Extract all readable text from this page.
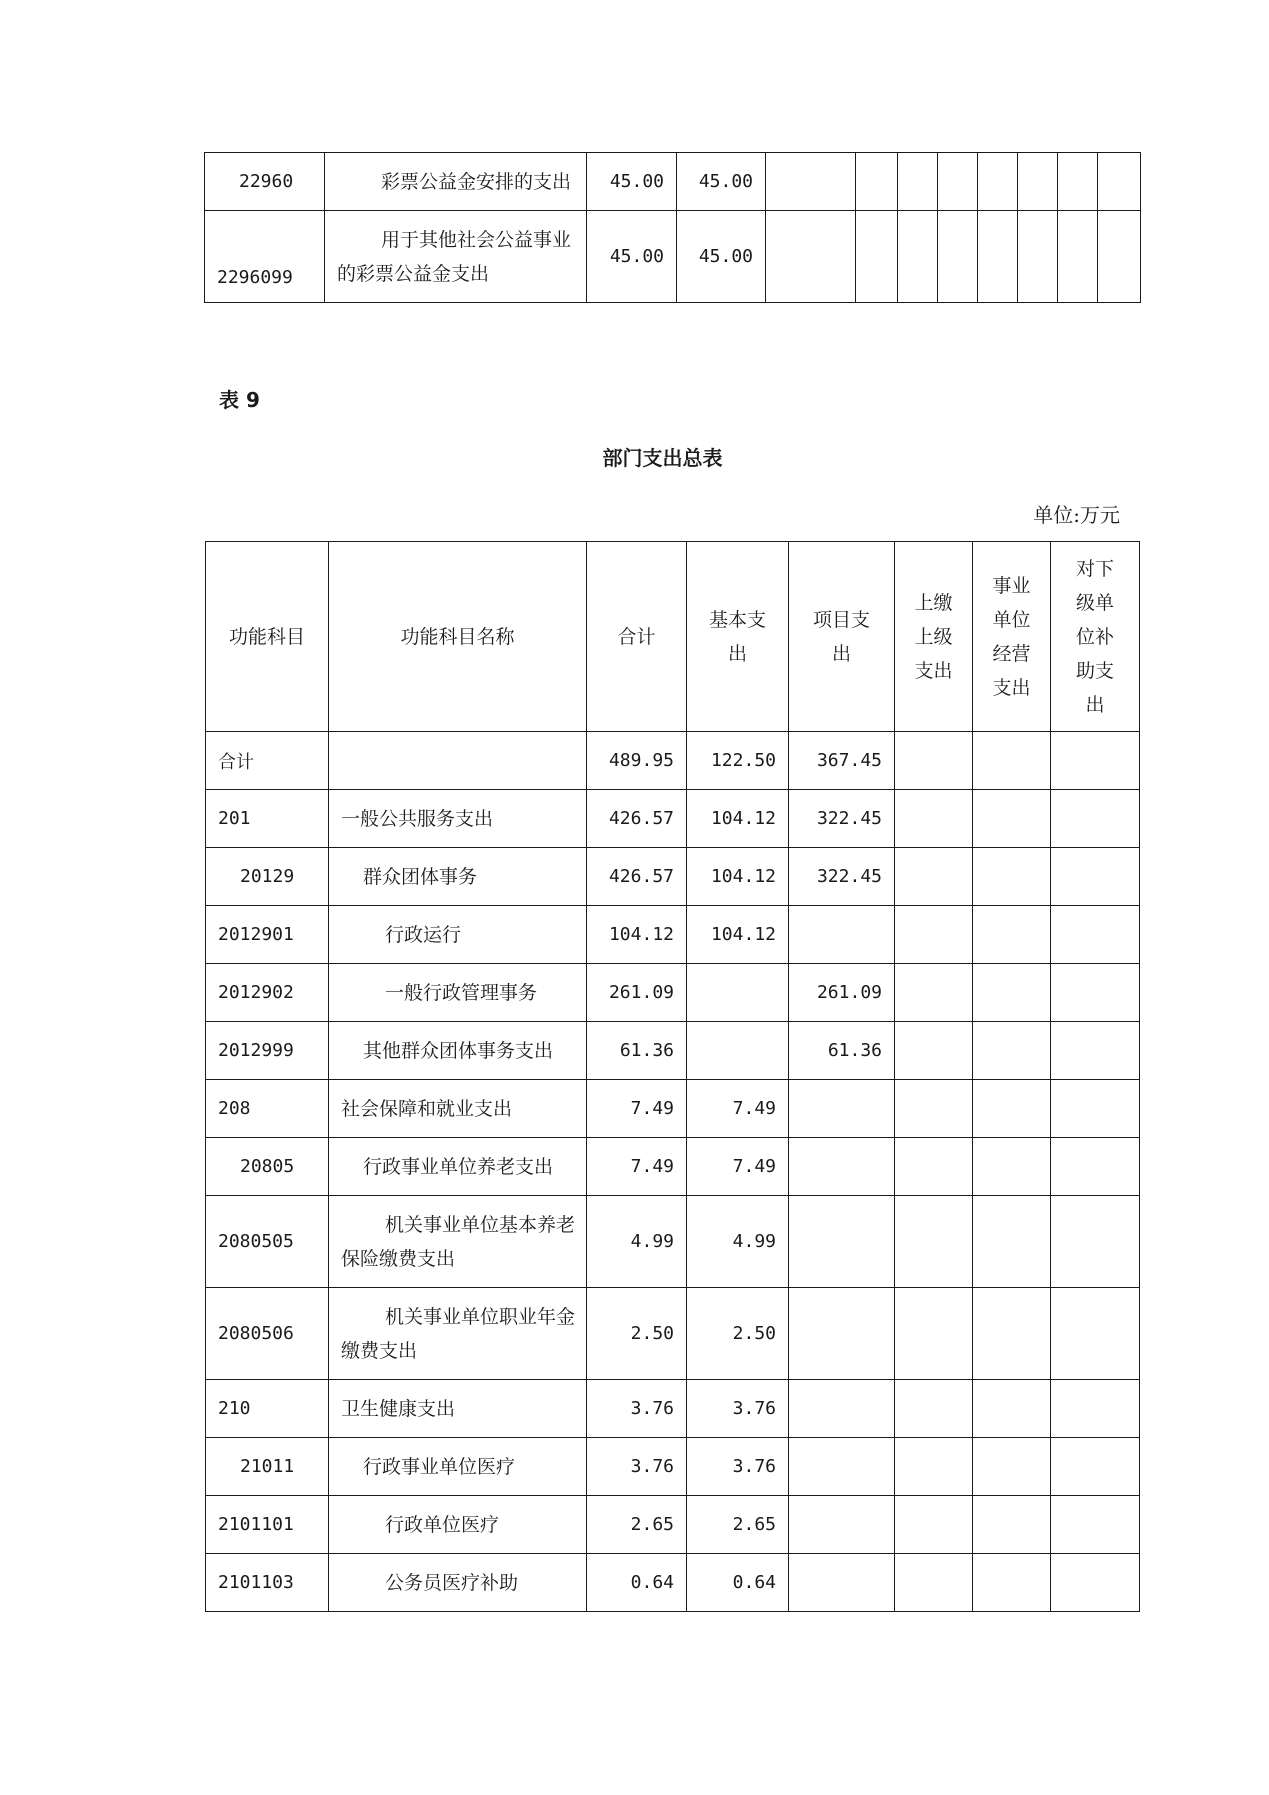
22960	彩票公益金安排的支出	45.00	45.00								
2296099	用于其他社会公益事业的彩票公益金支出	45.00	45.00								
表 9
部门支出总表
单位:万元
功能科目	功能科目名称	合计	基本支出	项目支出	上缴上级支出	事业单位经营支出	对下级单位补助支出

合计		489.95	122.50	367.45			
201	一般公共服务支出	426.57	104.12	322.45			
20129	群众团体事务	426.57	104.12	322.45			
2012901	行政运行	104.12	104.12				
2012902	一般行政管理事务	261.09		261.09			
2012999	其他群众团体事务支出	61.36		61.36			
208	社会保障和就业支出	7.49	7.49				
20805	行政事业单位养老支出	7.49	7.49				
2080505	机关事业单位基本养老保险缴费支出	4.99	4.99				
2080506	机关事业单位职业年金缴费支出	2.50	2.50				
210	卫生健康支出	3.76	3.76				
21011	行政事业单位医疗	3.76	3.76				
2101101	行政单位医疗	2.65	2.65				
2101103	公务员医疗补助	0.64	0.64				
